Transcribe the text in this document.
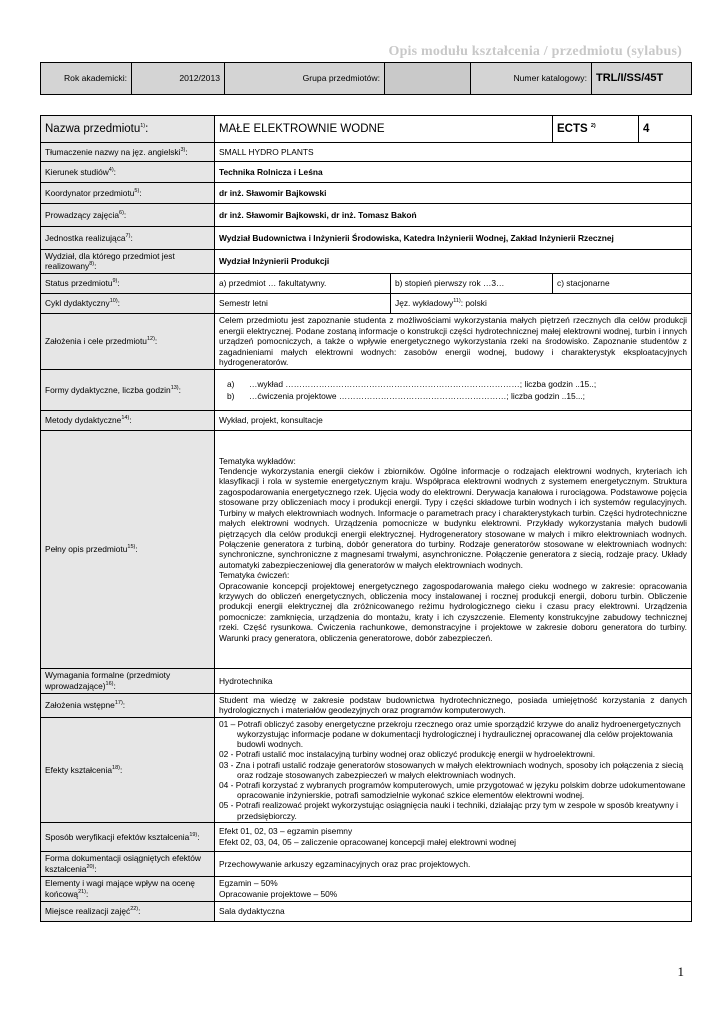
Opis modułu kształcenia / przedmiotu (sylabus)
Rok akademicki:	2012/2013	Grupa przedmiotów:		Numer katalogowy:	TRL/I/SS/45T
Nazwa przedmiotu$^{1)}$:	MAŁE ELEKTROWNIE WODNE		ECTS $^{2)}$	4
Tłumaczenie nazwy na jęz. angielski$^{3)}$:	SMALL HYDRO PLANTS			
Kierunek studiów$^{4)}$:	Technika Rolnicza i Leśna			
Koordynator przedmiotu$^{5)}$:	dr inż. Sławomir Bajkowski			
Prowadzący zajęcia$^{6)}$:	dr inż. Sławomir Bajkowski, dr inż. Tomasz Bakoń			
Jednostka realizująca$^{7)}$:	Wydział Budownictwa i Inżynierii Środowiska, Katedra Inżynierii Wodnej, Zakład Inżynierii Rzecznej			
Wydział, dla którego przedmiot jest realizowany$^{8)}$:	Wydział Inżynierii Produkcji			
Status przedmiotu$^{9)}$:	a) przedmiot … fakultatywny.	b) stopień pierwszy rok …3…	c) stacjonarne	
Cykl dydaktyczny$^{10)}$:	Semestr letni	Jęz. wykładowy$^{11)}$: polski		
Założenia i cele przedmiotu$^{12)}$:	Celem przedmiotu jest zapoznanie studenta z możliwościami wykorzystania małych piętrzeń rzecznych dla celów produkcji energii elektrycznej. Podane zostaną informacje o konstrukcji części hydrotechnicznej małej elektrowni wodnej, turbin i innych urządzeń pomocniczych, a także o wpływie energetycznego wykorzystania rzeki na środowisko. Zapoznanie studentów z zagadnieniami małych elektrowni wodnych: zasobów energii wodnej, budowy i charakterystyk eksploatacyjnych hydrogeneratorów.			
Formy dydaktyczne, liczba godzin$^{13)}$:	a) …wykład …………………………………………………………………………; liczba godzin ..15..;
b) …ćwiczenia projektowe ……………………………………………………; liczba godzin ..15...;			

Metody dydaktyczne$^{14)}$:	Wykład, projekt, konsultacje			
Pełny opis przedmiotu$^{15)}$:	Tematyka wykładów:
Tendencje wykorzystania energii cieków i zbiorników. Ogólne informacje o rodzajach elektrowni wodnych, kryteriach ich klasyfikacji i rola w systemie energetycznym kraju. Współpraca elektrowni wodnych z systemem energetycznym. Struktura zagospodarowania energetycznego rzek. Ujęcia wody do elektrowni. Derywacja kanałowa i rurociągowa. Podstawowe pojęcia stosowane przy obliczeniach mocy i produkcji energii. Typy i części składowe turbin wodnych i ich systemów regulacyjnych. Turbiny w małych elektrowniach wodnych. Informacje o parametrach pracy i charakterystykach turbin. Części hydrotechniczne małych elektrowni wodnych. Urządzenia pomocnicze w budynku elektrowni. Przykłady wykorzystania małych budowli piętrzących dla celów produkcji energii elektrycznej. Hydrogeneratory stosowane w małych i mikro elektrowniach wodnych. Połączenie generatora z turbiną, dobór generatora do turbiny. Rodzaje generatorów stosowane w elektrowniach wodnych: synchroniczne, synchroniczne z magnesami trwałymi, asynchroniczne. Połączenie generatora z siecią, rodzaje pracy. Układy automatyki zabezpieczeniowej dla generatorów w małych elektrowniach wodnych.
Tematyka ćwiczeń:
Opracowanie koncepcji projektowej energetycznego zagospodarowania małego cieku wodnego w zakresie: opracowania krzywych do obliczeń energetycznych, obliczenia mocy instalowanej i rocznej produkcji energii, doboru turbin. Obliczenie produkcji energii elektrycznej dla zróżnicowanego reżimu hydrologicznego cieku i czasu pracy elektrowni. Urządzenia pomocnicze: zamknięcia, urządzenia do montażu, kraty i ich czyszczenie. Elementy konstrukcyjne zabudowy technicznej rzeki. Część rysunkowa. Ćwiczenia rachunkowe, demonstracyjne i projektowe w zakresie doboru generatora do turbiny. Warunki pracy generatora, obliczenia generatorowe, dobór zabezpieczeń.			

Wymagania formalne (przedmioty wprowadzające)$^{16)}$:	Hydrotechnika			
Założenia wstępne$^{17)}$:	Student ma wiedzę w zakresie podstaw budownictwa hydrotechnicznego, posiada umiejętność korzystania z danych hydrologicznych i materiałów geodezyjnych oraz programów komputerowych.			
Efekty kształcenia$^{18)}$:	01 – Potrafi obliczyć zasoby energetyczne przekroju rzecznego oraz umie sporządzić krzywe do analiz hydroenergetycznych wykorzystując informacje podane w dokumentacji hydrologicznej i hydraulicznej opracowanej dla celów projektowania budowli wodnych.
02 - Potrafi ustalić moc instalacyjną turbiny wodnej oraz obliczyć produkcję energii w hydroelektrowni.
03 - Zna i potrafi ustalić rodzaje generatorów stosowanych w małych elektrowniach wodnych, sposoby ich połączenia z siecią oraz rodzaje stosowanych zabezpieczeń w małych elektrowniach wodnych.
04 - Potrafi korzystać z wybranych programów komputerowych, umie przygotować w języku polskim dobrze udokumentowane opracowanie inżynierskie, potrafi samodzielnie wykonać szkice elementów elektrowni wodnej.
05 - Potrafi realizować projekt wykorzystując osiągnięcia nauki i techniki, działając przy tym w zespole w sposób kreatywny i przedsiębiorczy.			

Sposób weryfikacji efektów kształcenia$^{19)}$:	Efekt 01, 02, 03 – egzamin pisemny
Efekt 02, 03, 04, 05 – zaliczenie opracowanej koncepcji małej elektrowni wodnej			

Forma dokumentacji osiągniętych efektów kształcenia$^{20)}$:	Przechowywanie arkuszy egzaminacyjnych oraz prac projektowych.			
Elementy i wagi mające wpływ na ocenę końcową$^{21)}$:	Egzamin – 50%
Opracowanie projektowe – 50%			

Miejsce realizacji zajęć$^{22)}$:	Sala dydaktyczna			
1
